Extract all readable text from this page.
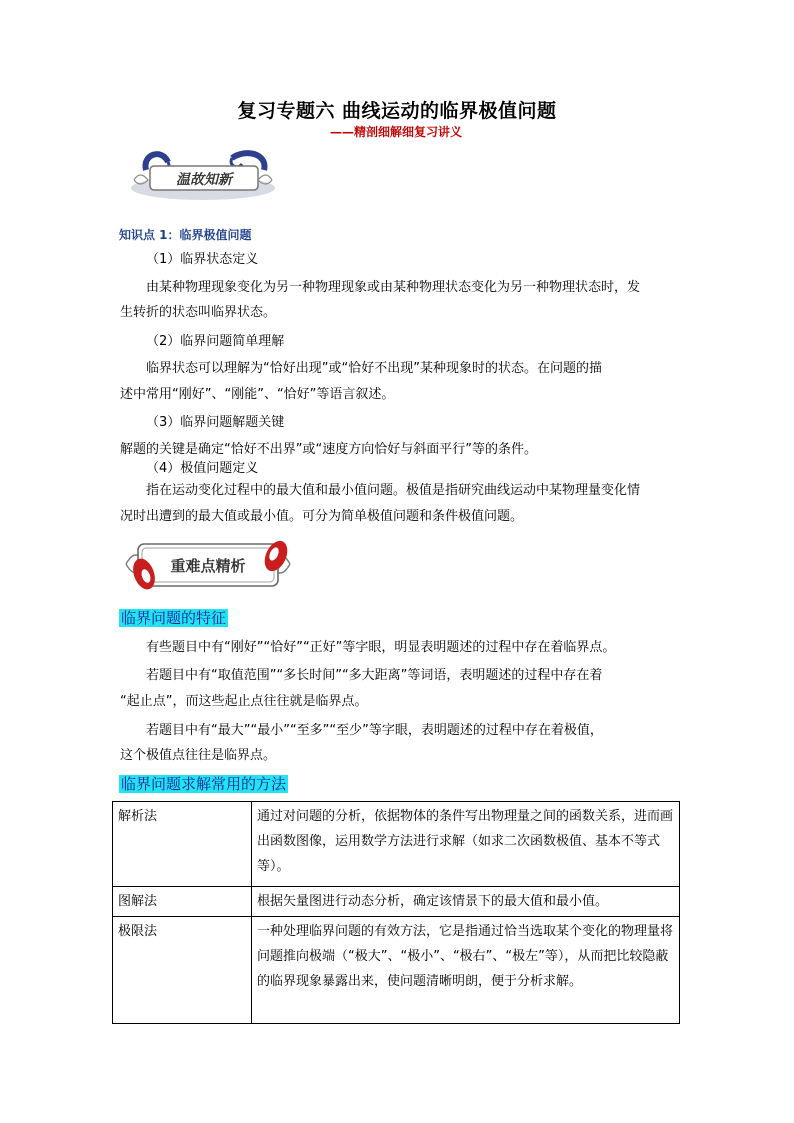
复习专题六 曲线运动的临界极值问题
——精剖细解细复习讲义
温故知新
知识点 1：临界极值问题
（1）临界状态定义
由某种物理现象变化为另一种物理现象或由某种物理状态变化为另一种物理状态时，发
生转折的状态叫临界状态。
（2）临界问题简单理解
临界状态可以理解为“恰好出现”或“恰好不出现”某种现象时的状态。在问题的描
述中常用“刚好”、“刚能”、“恰好”等语言叙述。
（3）临界问题解题关键
解题的关键是确定“恰好不出界”或“速度方向恰好与斜面平行”等的条件。
（4）极值问题定义
指在运动变化过程中的最大值和最小值问题。极值是指研究曲线运动中某物理量变化情
况时出遭到的最大值或最小值。可分为简单极值问题和条件极值问题。
重难点精析
临界问题的特征
有些题目中有“刚好”“恰好”“正好”等字眼，明显表明题述的过程中存在着临界点。
若题目中有“取值范围”“多长时间”“多大距离”等词语，表明题述的过程中存在着
“起止点”，而这些起止点往往就是临界点。
若题目中有“最大”“最小”“至多”“至少”等字眼，表明题述的过程中存在着极值，
这个极值点往往是临界点。
临界问题求解常用的方法
解析法	通过对问题的分析，依据物体的条件写出物理量之间的函数关系，进而画出函数图像，运用数学方法进行求解（如求二次函数极值、基本不等式等）。
图解法	根据矢量图进行动态分析，确定该情景下的最大值和最小值。
极限法	一种处理临界问题的有效方法，它是指通过恰当选取某个变化的物理量将问题推向极端（“极大”、“极小”、“极右”、“极左”等），从而把比较隐蔽的临界现象暴露出来，使问题清晰明朗，便于分析求解。
